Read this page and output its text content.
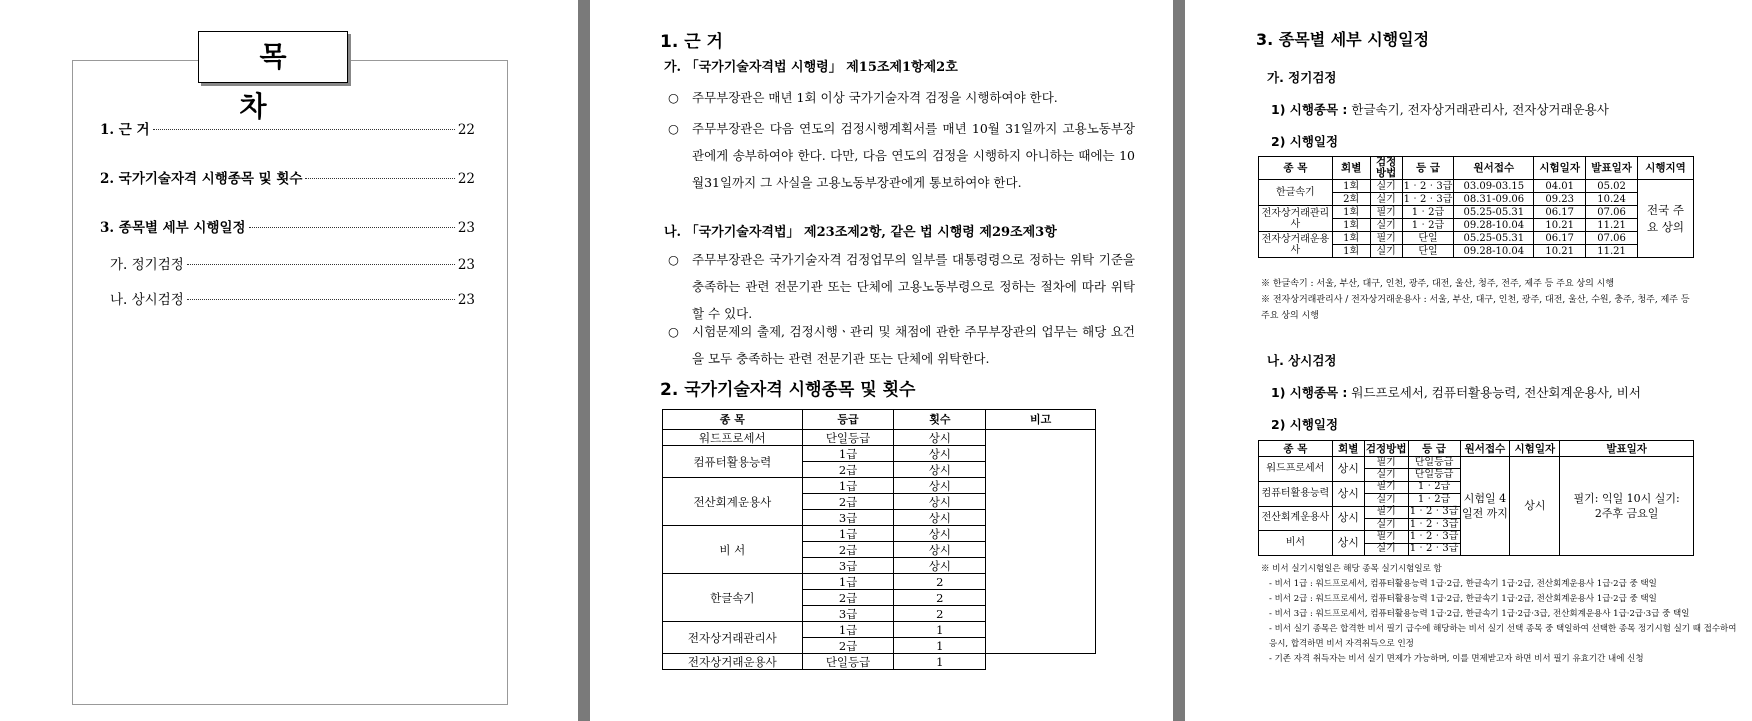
목 차
1. 근 거	22
2. 국가기술자격 시행종목 및 횟수	22
3. 종목별 세부 시행일정	23
가. 정기검정	23
나. 상시검정	23
1. 근 거
가. 「국가기술자격법 시행령」 제15조제1항제2호
○ 주무부장관은 매년 1회 이상 국가기술자격 검정을 시행하여야 한다.
○ 주무부장관은 다음 연도의 검정시행계획서를 매년 10월 31일까지 고용노동부장관에게 송부하여야 한다. 다만, 다음 연도의 검정을 시행하지 아니하는 때에는 10월31일까지 그 사실을 고용노동부장관에게 통보하여야 한다.
나. 「국가기술자격법」 제23조제2항, 같은 법 시행령 제29조제3항
○ 주무부장관은 국가기술자격 검정업무의 일부를 대통령령으로 정하는 위탁 기준을 충족하는 관련 전문기관 또는 단체에 고용노동부령으로 정하는 절차에 따라 위탁할 수 있다.
○ 시험문제의 출제, 검정시행ㆍ관리 및 채점에 관한 주무부장관의 업무는 해당 요건을 모두 충족하는 관련 전문기관 또는 단체에 위탁한다.
2. 국가기술자격 시행종목 및 횟수
종 목	등급	횟수	비고
워드프로세서	단일등급	상시	
컴퓨터활용능력	1급	상시	
	2급	상시	
전산회계운용사	1급	상시	
	2급	상시	
	3급	상시	
비 서	1급	상시	
	2급	상시	
	3급	상시	
한글속기	1급	2	
	2급	2	
	3급	2	
전자상거래관리사	1급	1	
	2급	1	
전자상거래운용사	단일등급	1	
3. 종목별 세부 시행일정
가. 정기검정
1) 시행종목 : 한글속기, 전자상거래관리사, 전자상거래운용사
2) 시행일정
종 목	회별	검정방법	등 급	원서접수	시험일자	발표일자	시행지역
한글속기	1회	실기	1‧2‧3급	03.09-03.15	04.01	05.02	전국 주요 상의
	2회	실기	1‧2‧3급	08.31-09.06	09.23	10.24	
전자상거래관리사	1회	필기	1‧2급	05.25-05.31	06.17	07.06	
	1회	실기	1‧2급	09.28-10.04	10.21	11.21	
전자상거래운용사	1회	필기	단일	05.25-05.31	06.17	07.06	
	1회	실기	단일	09.28-10.04	10.21	11.21	
※ 한글속기 : 서울, 부산, 대구, 인천, 광주, 대전, 울산, 청주, 전주, 제주 등 주요 상의 시행
※ 전자상거래관리사 / 전자상거래운용사 : 서울, 부산, 대구, 인천, 광주, 대전, 울산, 수원, 충주, 청주, 제주 등 주요 상의 시행
나. 상시검정
1) 시행종목 : 워드프로세서, 컴퓨터활용능력, 전산회계운용사, 비서
2) 시행일정
종 목	회별	검정방법	등 급	원서접수	시험일자	발표일자
워드프로세서	상시	필기	단일등급	시험일 4일전 까지	상시	필기: 익일 10시 실기: 2주후 금요일
		실기	단일등급			
컴퓨터활용능력	상시	필기	1‧2급			
		실기	1‧2급			
전산회계운용사	상시	필기	1‧2‧3급			
		실기	1‧2‧3급			
비서	상시	필기	1‧2‧3급			
		실기	1‧2‧3급			
※ 비서 실기시험일은 해당 종목 실기시험일로 함
- 비서 1급 : 워드프로세서, 컴퓨터활용능력 1급·2급, 한글속기 1급·2급, 전산회계운용사 1급·2급 중 택일
- 비서 2급 : 워드프로세서, 컴퓨터활용능력 1급·2급, 한글속기 1급·2급, 전산회계운용사 1급·2급 중 택일
- 비서 3급 : 워드프로세서, 컴퓨터활용능력 1급·2급, 한글속기 1급·2급·3급, 전산회계운용사 1급·2급·3급 중 택일
- 비서 실기 종목은 합격한 비서 필기 급수에 해당하는 비서 실기 선택 종목 중 택일하여 선택한 종목 정기시험 실기 때 접수하여 응시, 합격하면 비서 자격취득으로 인정
- 기존 자격 취득자는 비서 실기 면제가 가능하며, 이를 면제받고자 하면 비서 필기 유효기간 내에 신청
